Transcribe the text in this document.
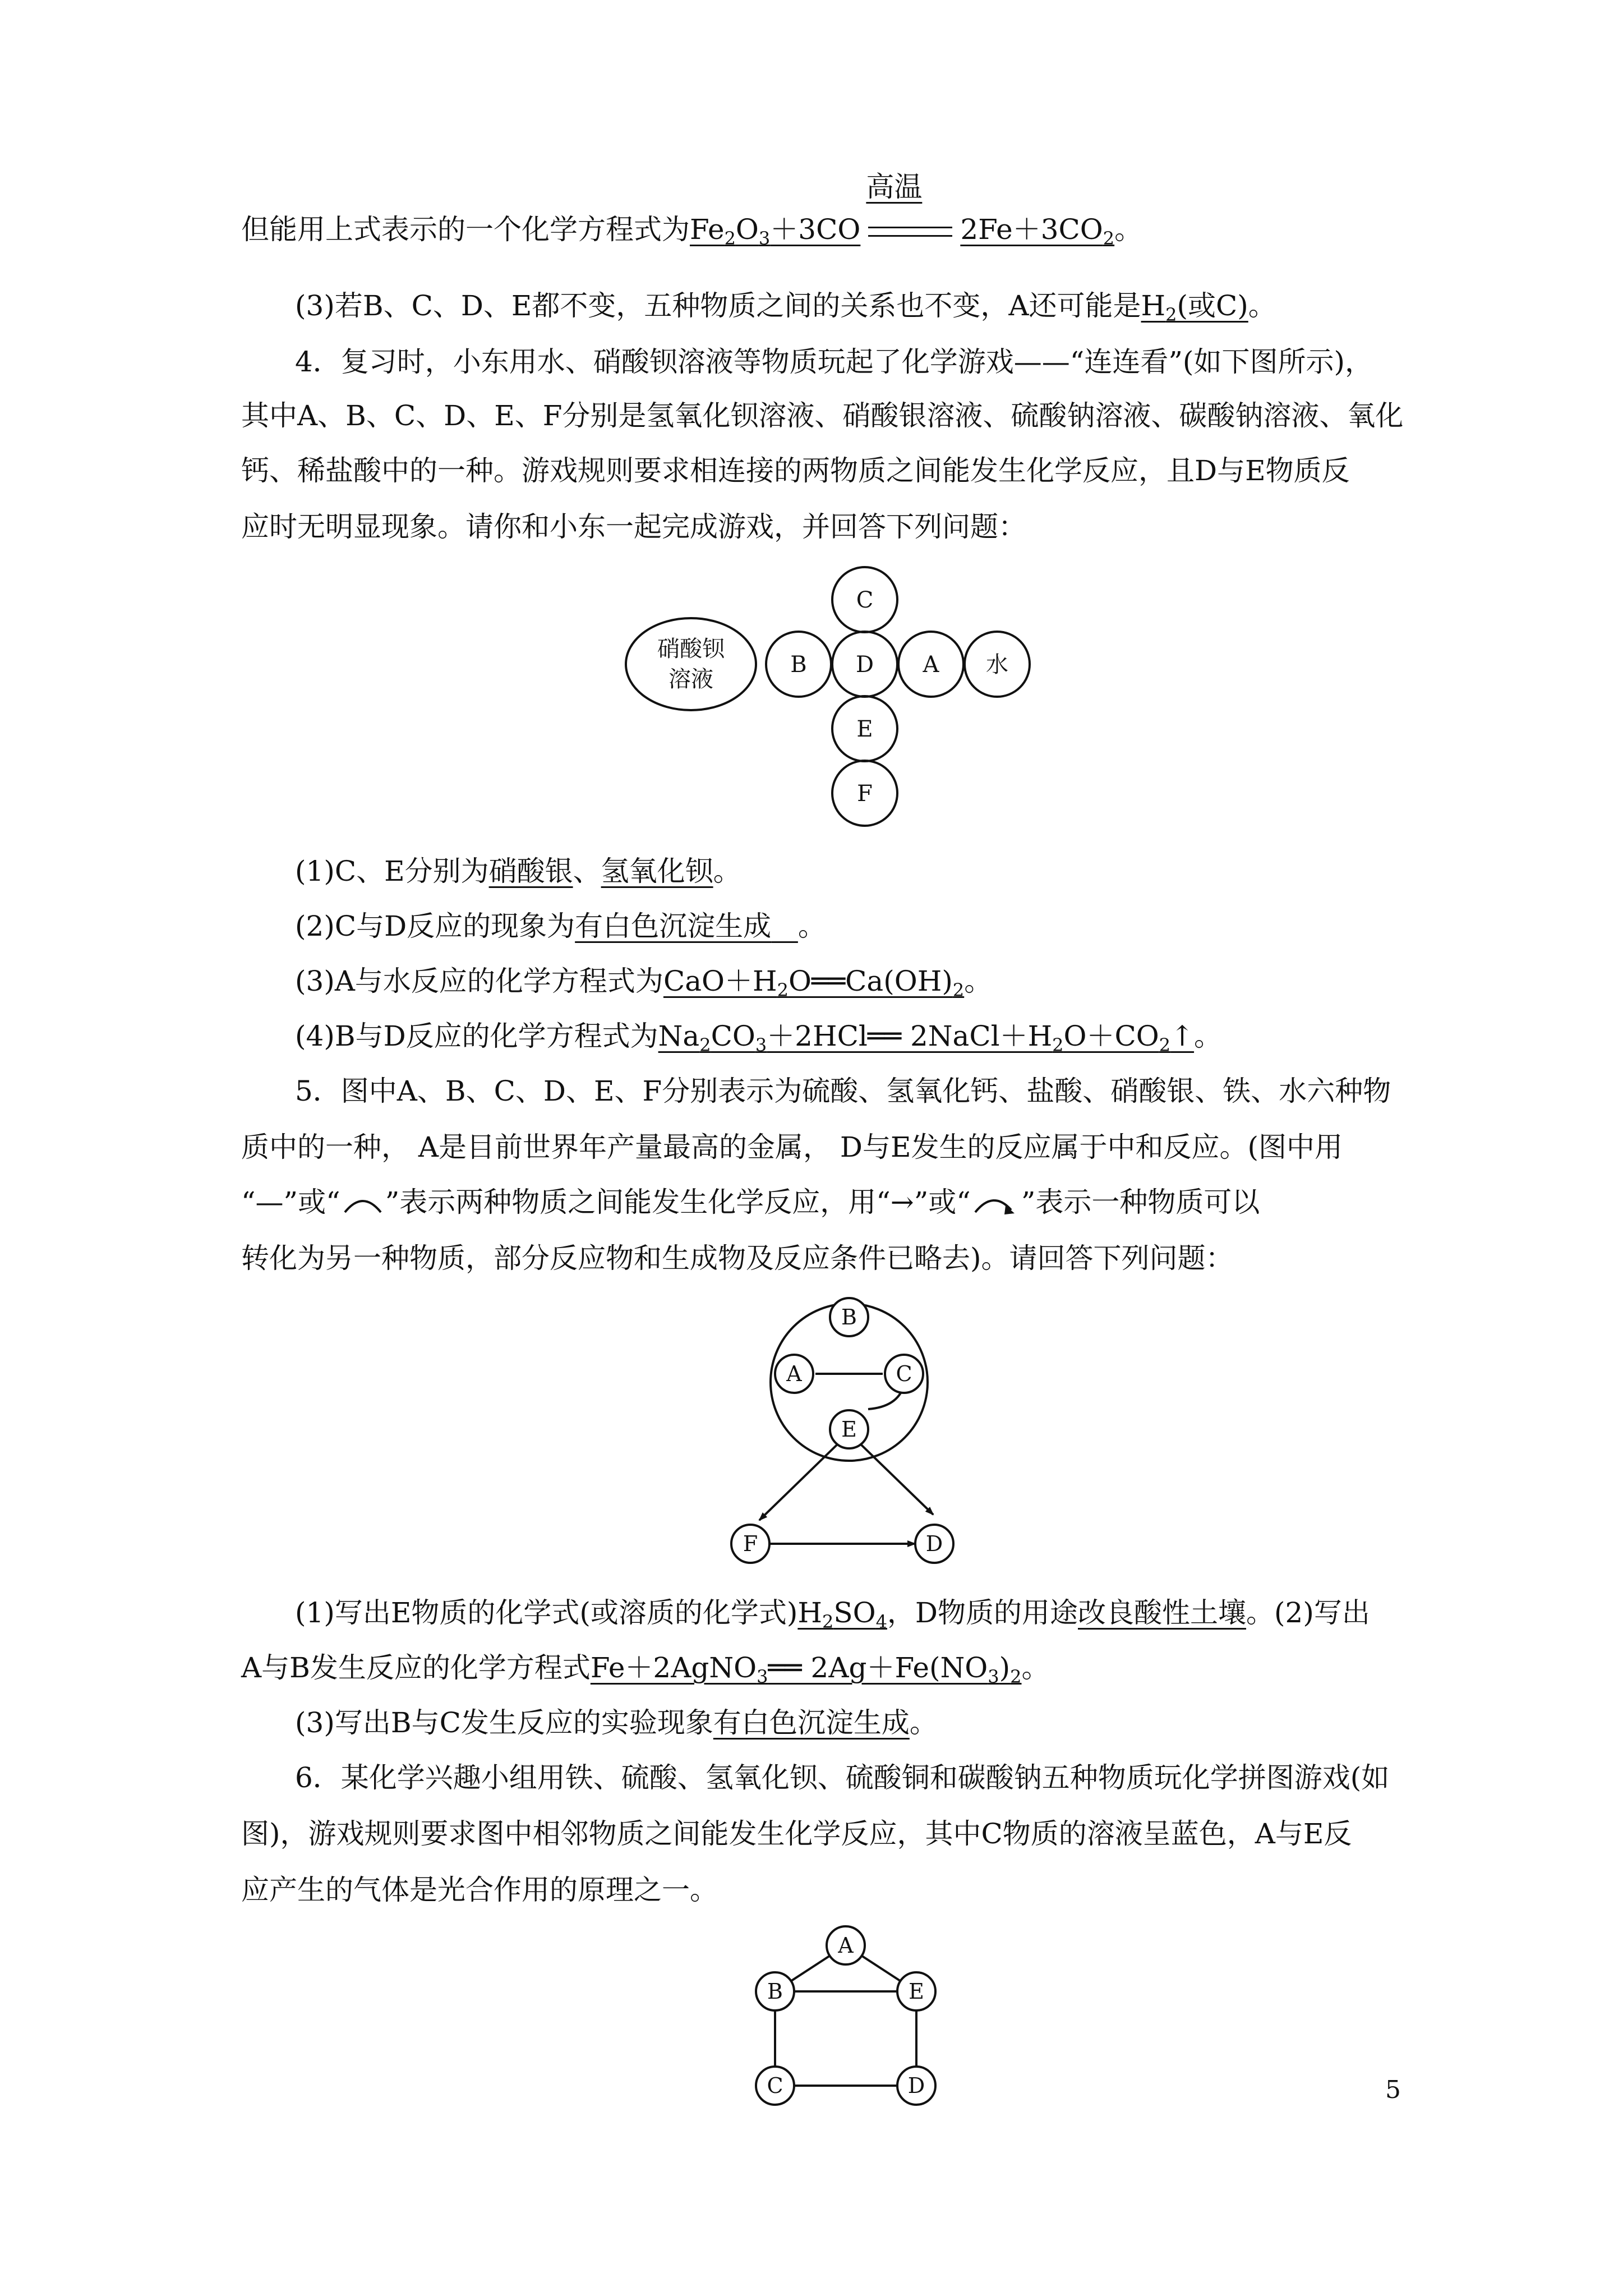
但能用上式表示的一个化学方程式为$Fe_2O_3+3CO$
高温
$2Fe+3CO_2$。
(3)若B、C、D、E都不变，五种物质之间的关系也不变，A还可能是$H_2$(或C)。
4．复习时，小东用水、硝酸钡溶液等物质玩起了化学游戏——“连连看”(如下图所示)，
其中A、B、C、D、E、F分别是氢氧化钡溶液、硝酸银溶液、硫酸钠溶液、碳酸钠溶液、氧化
钙、稀盐酸中的一种。游戏规则要求相连接的两物质之间能发生化学反应，且D与E物质反
应时无明显现象。请你和小东一起完成游戏，并回答下列问题：
硝酸钡
溶液
B
C
D A 水
E
F
(1)C、E分别为硝酸银、氢氧化钡。
(2)C与D反应的现象为有白色沉淀生成 。
(3)A与水反应的化学方程式为$CaO+H_2O══Ca(OH)_2$。
(4)B与D反应的化学方程式为$Na_2CO_3+2HCl══$ $2NaCl+H_2O+CO_2↑$。
5．图中A、B、C、D、E、F分别表示为硫酸、氢氧化钙、盐酸、硝酸银、铁、水六种物
质中的一种， A是目前世界年产量最高的金属， D与E发生的反应属于中和反应。(图中用
“—”或“ ”表示两种物质之间能发生化学反应，用“→”或“ ”表示一种物质可以
转化为另一种物质，部分反应物和生成物及反应条件已略去)。请回答下列问题：
B
A	C
E
F	D
(1)写出E物质的化学式(或溶质的化学式)$H_2SO_4$，D物质的用途改良酸性土壤。(2)写出
A与B发生反应的化学方程式Fe＋2AgNO$_3$══ $2Ag+Fe(NO_3)_2$。
(3)写出B与C发生反应的实验现象有白色沉淀生成。
6．某化学兴趣小组用铁、硫酸、氢氧化钡、硫酸铜和碳酸钠五种物质玩化学拼图游戏(如
图)，游戏规则要求图中相邻物质之间能发生化学反应，其中C物质的溶液呈蓝色，A与E反
应产生的气体是光合作用的原理之一。
A
B	E
C	D	5
